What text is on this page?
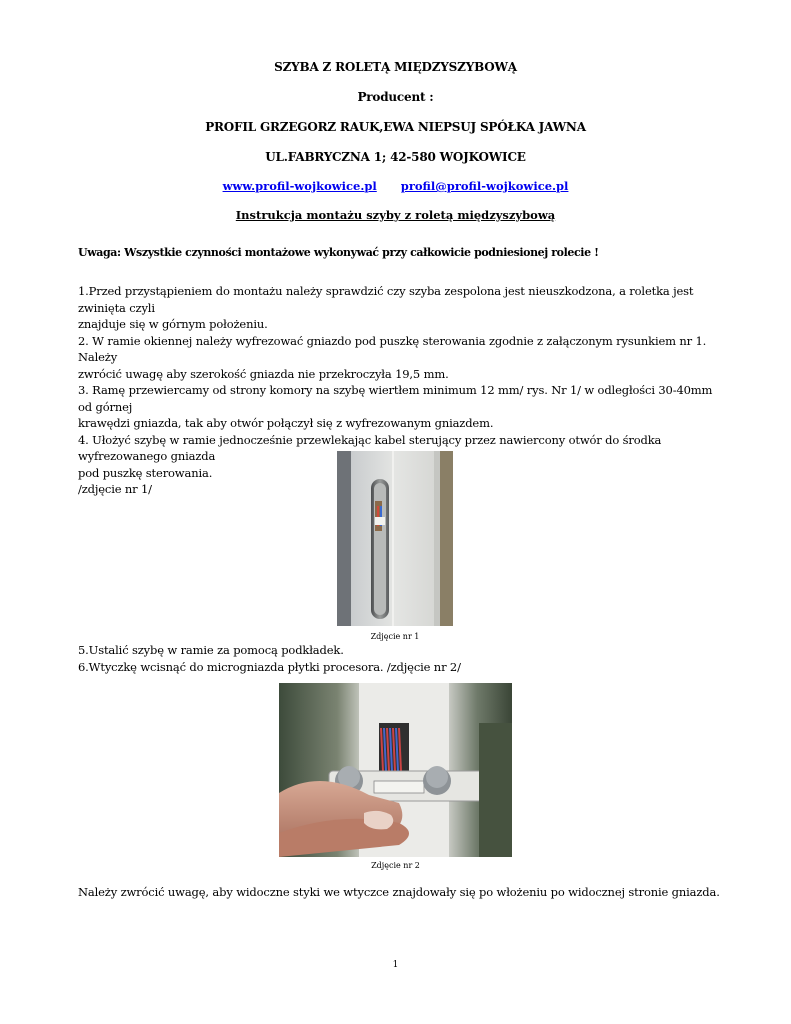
SZYBA Z ROLETĄ MIĘDZYSZYBOWĄ
Producent :
PROFIL GRZEGORZ RAUK,EWA NIEPSUJ SPÓŁKA JAWNA
UL.FABRYCZNA 1; 42-580 WOJKOWICE
www.profil-wojkowice.pl profil@profil-wojkowice.pl
Instrukcja montażu szyby z roletą międzyszybową
Uwaga: Wszystkie czynności montażowe wykonywać przy całkowicie podniesionej rolecie !
1.Przed przystąpieniem do montażu należy sprawdzić czy szyba zespolona jest nieuszkodzona, a roletka jest zwinięta czyli
znajduje się w górnym położeniu.
2. W ramie okiennej należy wyfrezować gniazdo pod puszkę sterowania zgodnie z załączonym rysunkiem nr 1. Należy
zwrócić uwagę aby szerokość gniazda nie przekroczyła 19,5 mm.
3. Ramę przewiercamy od strony komory na szybę wiertłem minimum 12 mm/ rys. Nr 1/ w odległości 30-40mm od górnej
krawędzi gniazda, tak aby otwór połączył się z wyfrezowanym gniazdem.
4. Ułożyć szybę w ramie jednocześnie przewlekając kabel sterujący przez nawiercony otwór do środka wyfrezowanego gniazda
pod puszkę sterowania.
/zdjęcie nr 1/
Zdjęcie nr 1
5.Ustalić szybę w ramie za pomocą podkładek.
6.Wtyczkę wcisnąć do microgniazda płytki procesora. /zdjęcie nr 2/
Zdjęcie nr 2
Należy zwrócić uwagę, aby widoczne styki we wtyczce znajdowały się po włożeniu po widocznej stronie gniazda.
1
